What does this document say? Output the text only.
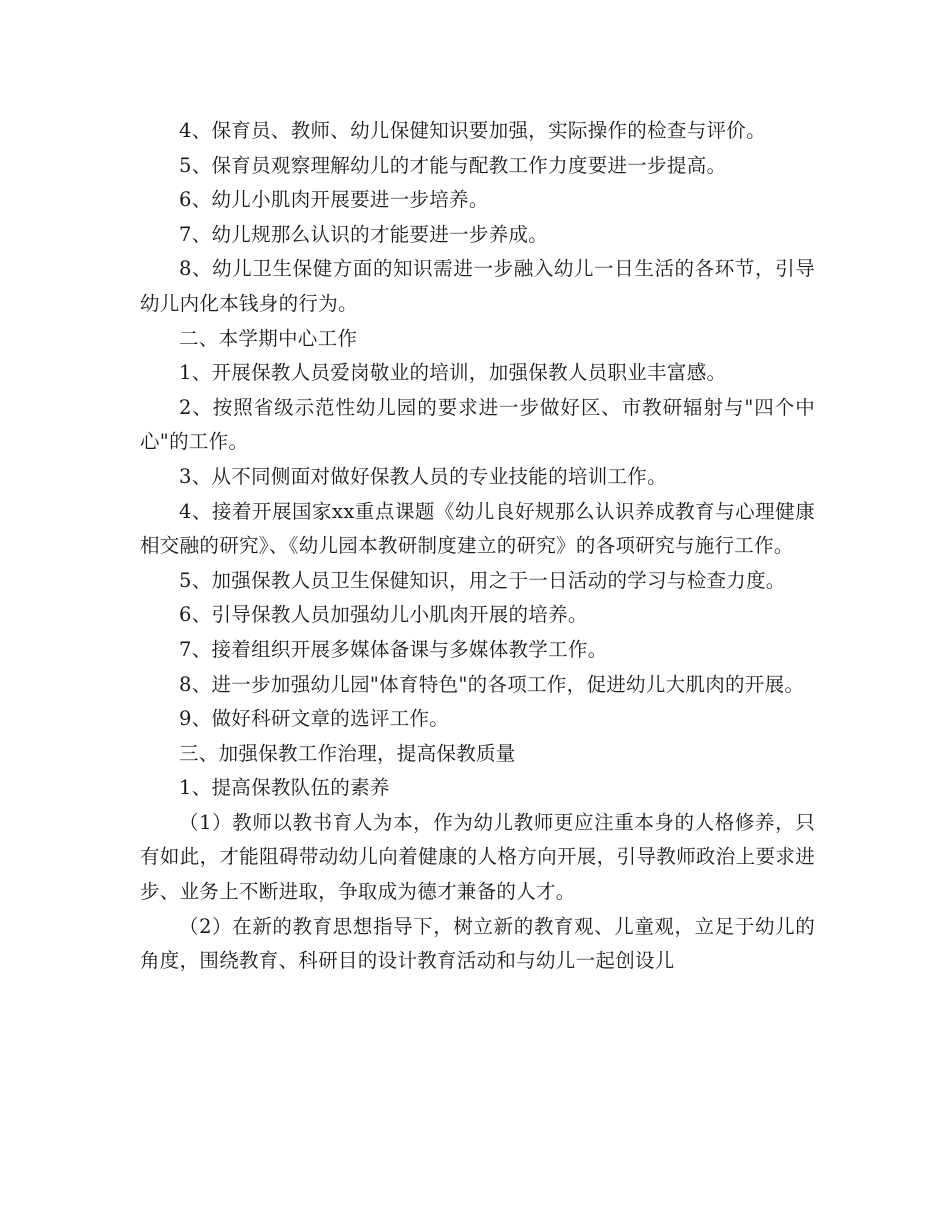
4、保育员、教师、幼儿保健知识要加强，实际操作的检查与评价。

5、保育员观察理解幼儿的才能与配教工作力度要进一步提高。

6、幼儿小肌肉开展要进一步培养。

7、幼儿规那么认识的才能要进一步养成。

8、幼儿卫生保健方面的知识需进一步融入幼儿一日生活的各环节，引导幼儿内化本钱身的行为。

二、本学期中心工作

1、开展保教人员爱岗敬业的培训，加强保教人员职业丰富感。

2、按照省级示范性幼儿园的要求进一步做好区、市教研辐射与"四个中心"的工作。

3、从不同侧面对做好保教人员的专业技能的培训工作。

4、接着开展国家xx重点课题《幼儿良好规那么认识养成教育与心理健康相交融的研究》、《幼儿园本教研制度建立的研究》的各项研究与施行工作。

5、加强保教人员卫生保健知识，用之于一日活动的学习与检查力度。

6、引导保教人员加强幼儿小肌肉开展的培养。

7、接着组织开展多媒体备课与多媒体教学工作。

8、进一步加强幼儿园"体育特色"的各项工作，促进幼儿大肌肉的开展。

9、做好科研文章的选评工作。

三、加强保教工作治理，提高保教质量

1、提高保教队伍的素养

（1）教师以教书育人为本，作为幼儿教师更应注重本身的人格修养，只有如此，才能阻碍带动幼儿向着健康的人格方向开展，引导教师政治上要求进步、业务上不断进取，争取成为德才兼备的人才。

（2）在新的教育思想指导下，树立新的教育观、儿童观，立足于幼儿的角度，围绕教育、科研目的设计教育活动和与幼儿一起创设儿
